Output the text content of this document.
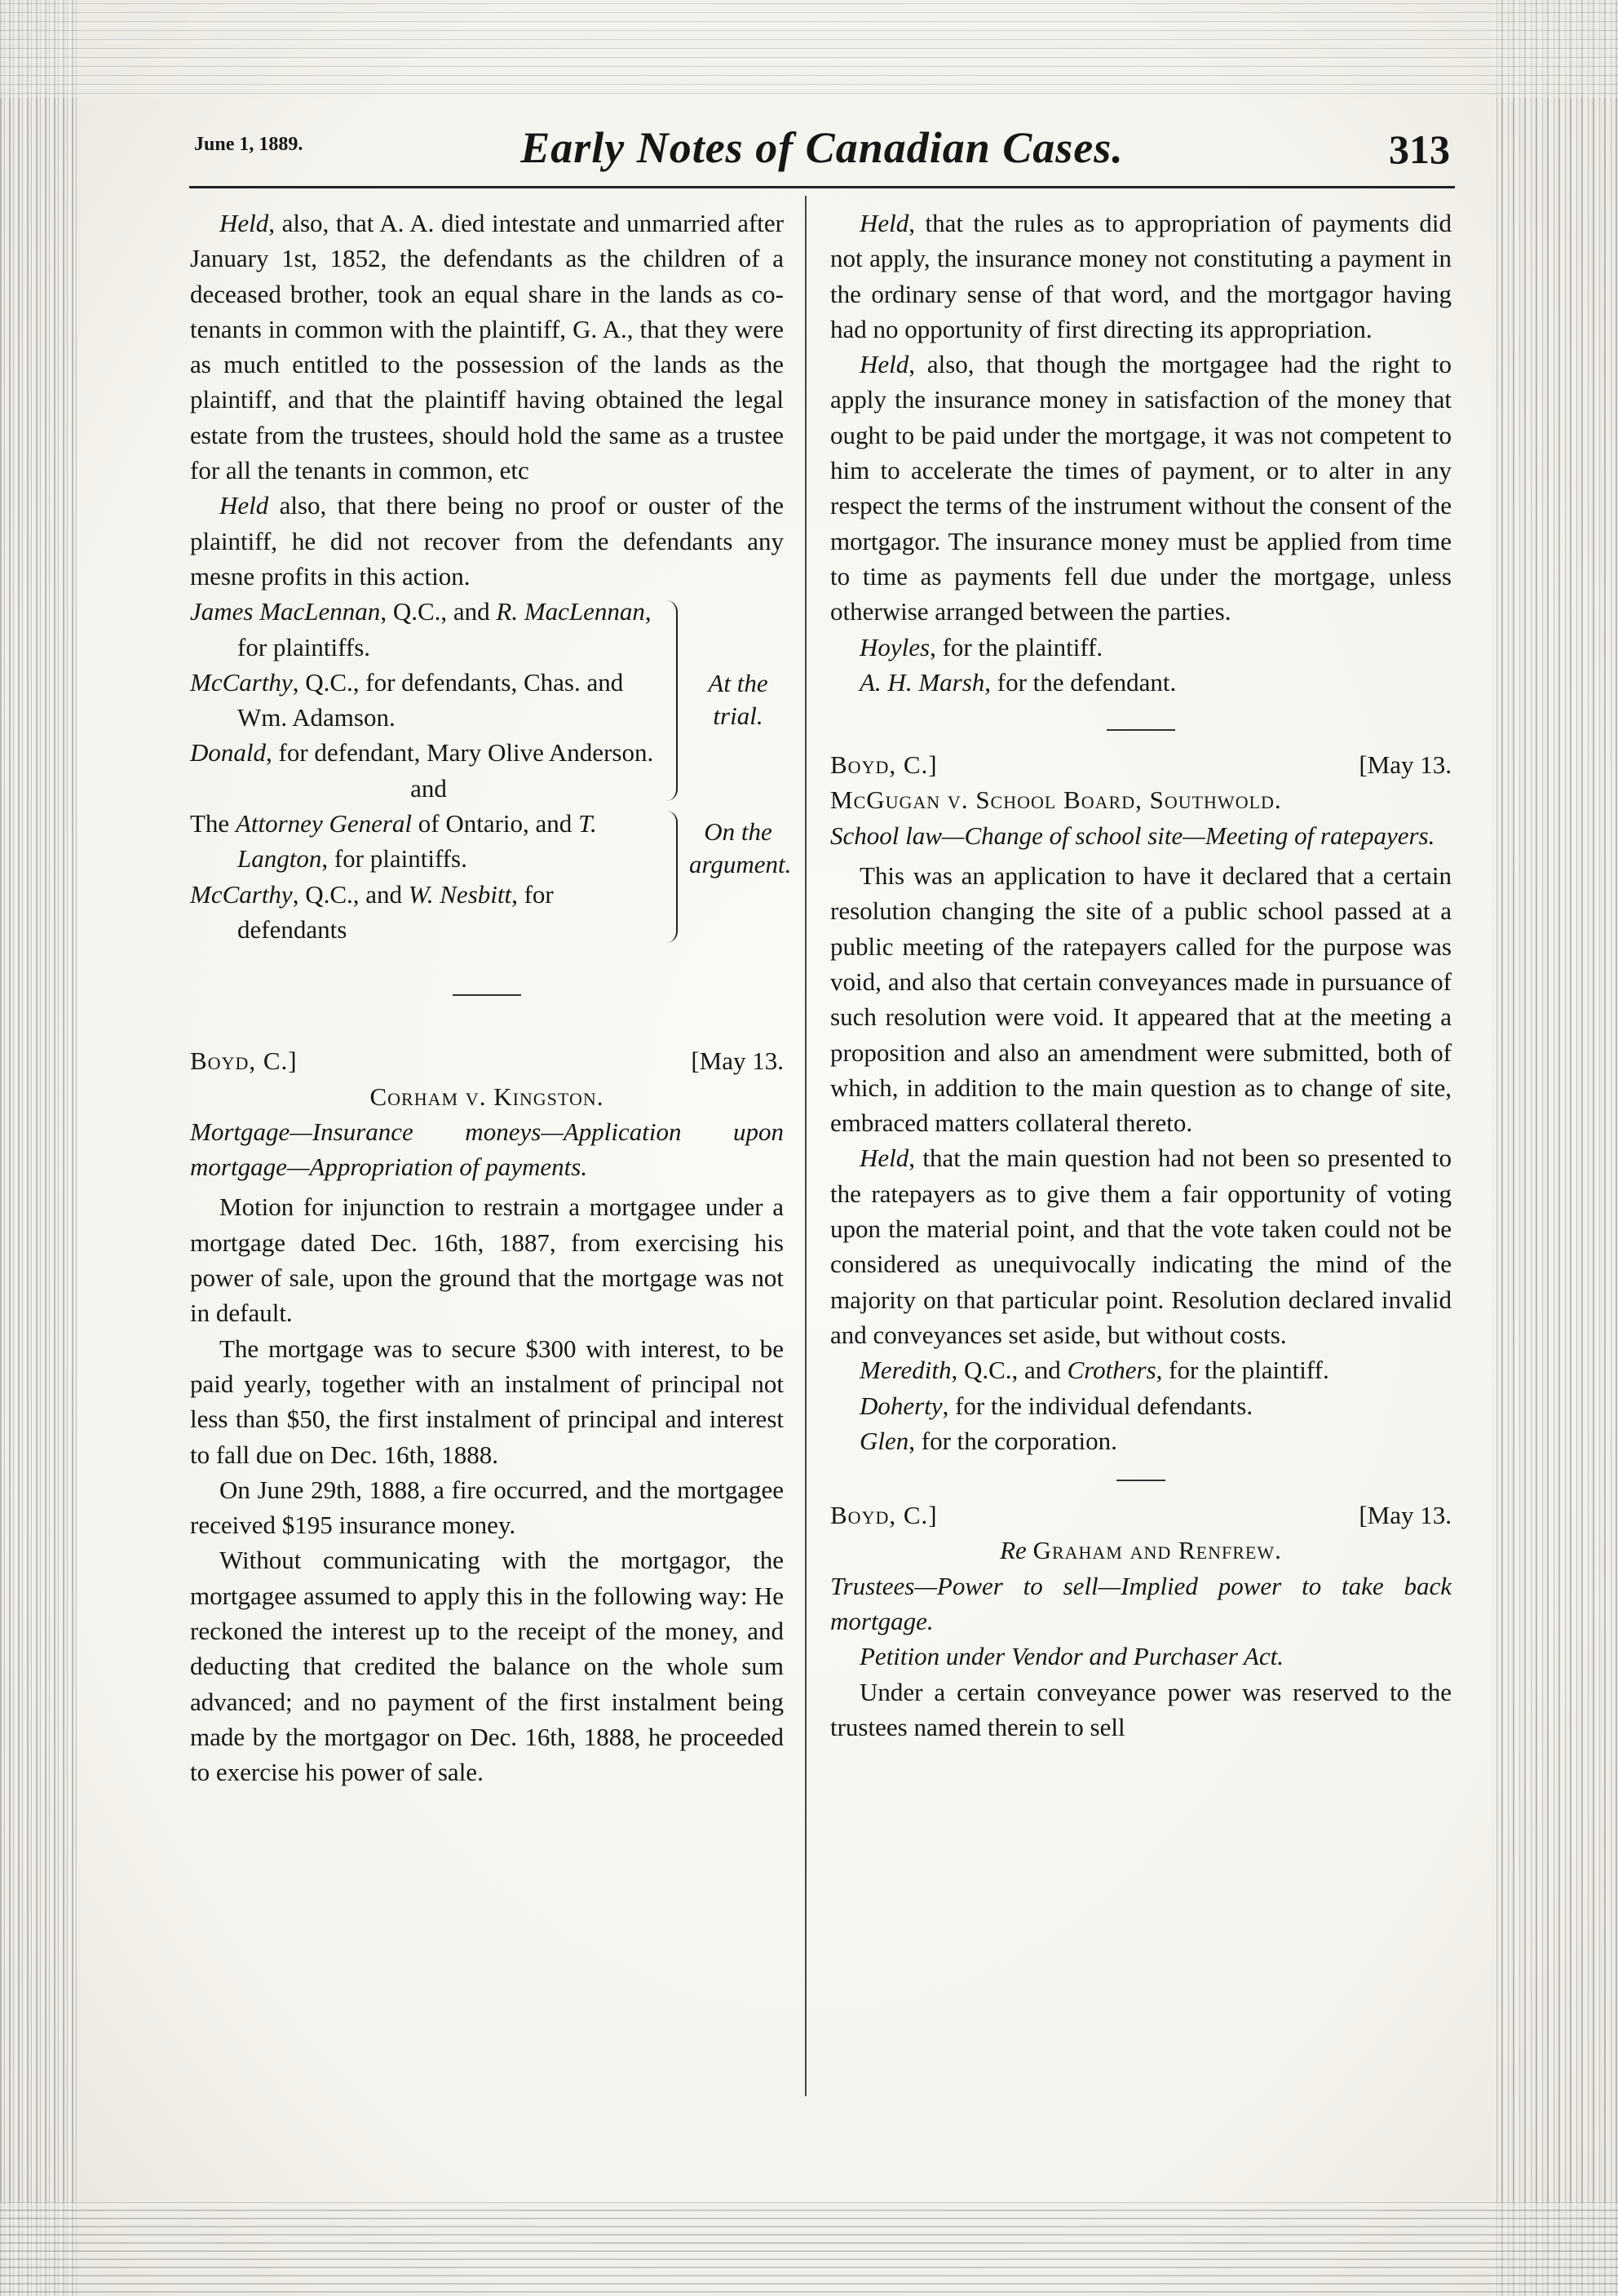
June 1, 1889.	Early Notes of Canadian Cases.	313

Held, also, that A. A. died intestate and unmarried after January 1st, 1852, the defendants as the children of a deceased brother, took an equal share in the lands as co-tenants in common with the plaintiff, G. A., that they were as much entitled to the possession of the lands as the plaintiff, and that the plaintiff having obtained the legal estate from the trustees, should hold the same as a trustee for all the tenants in common, etc

Held also, that there being no proof or ouster of the plaintiff, he did not recover from the defendants any mesne profits in this action.

James MacLennan, Q.C., and R. MacLennan, for plaintiffs.

McCarthy, Q.C., for defendants, Chas. and Wm. Adamson.

Donald, for defendant, Mary Olive Anderson.

At the trial.

and

The Attorney General of Ontario, and T. Langton, for plaintiffs.

McCarthy, Q.C., and W. Nesbitt, for defendants

On the argument.
Boyd, C.]	[May 13.

Corham v. Kingston.

Mortgage—Insurance moneys—Application upon mortgage—Appropriation of payments.

Motion for injunction to restrain a mortgagee under a mortgage dated Dec. 16th, 1887, from exercising his power of sale, upon the ground that the mortgage was not in default.

The mortgage was to secure $300 with interest, to be paid yearly, together with an instalment of principal not less than $50, the first instalment of principal and interest to fall due on Dec. 16th, 1888.

On June 29th, 1888, a fire occurred, and the mortgagee received $195 insurance money.

Without communicating with the mortgagor, the mortgagee assumed to apply this in the following way: He reckoned the interest up to the receipt of the money, and deducting that credited the balance on the whole sum advanced; and no payment of the first instalment being made by the mortgagor on Dec. 16th, 1888, he proceeded to exercise his power of sale.

Held, that the rules as to appropriation of payments did not apply, the insurance money not constituting a payment in the ordinary sense of that word, and the mortgagor having had no opportunity of first directing its appropriation.

Held, also, that though the mortgagee had the right to apply the insurance money in satisfaction of the money that ought to be paid under the mortgage, it was not competent to him to accelerate the times of payment, or to alter in any respect the terms of the instrument without the consent of the mortgagor. The insurance money must be applied from time to time as payments fell due under the mortgage, unless otherwise arranged between the parties.

Hoyles, for the plaintiff.

A. H. Marsh, for the defendant.

Boyd, C.]	[May 13.

McGugan v. School Board, Southwold.

School law—Change of school site—Meeting of ratepayers.

This was an application to have it declared that a certain resolution changing the site of a public school passed at a public meeting of the ratepayers called for the purpose was void, and also that certain conveyances made in pursuance of such resolution were void. It appeared that at the meeting a proposition and also an amendment were submitted, both of which, in addition to the main question as to change of site, embraced matters collateral thereto.

Held, that the main question had not been so presented to the ratepayers as to give them a fair opportunity of voting upon the material point, and that the vote taken could not be considered as unequivocally indicating the mind of the majority on that particular point. Resolution declared invalid and conveyances set aside, but without costs.

Meredith, Q.C., and Crothers, for the plaintiff.

Doherty, for the individual defendants.

Glen, for the corporation.

Boyd, C.]	[May 13.

Re Graham and Renfrew.

Trustees—Power to sell—Implied power to take back mortgage.

Petition under Vendor and Purchaser Act.

Under a certain conveyance power was reserved to the trustees named therein to sell
